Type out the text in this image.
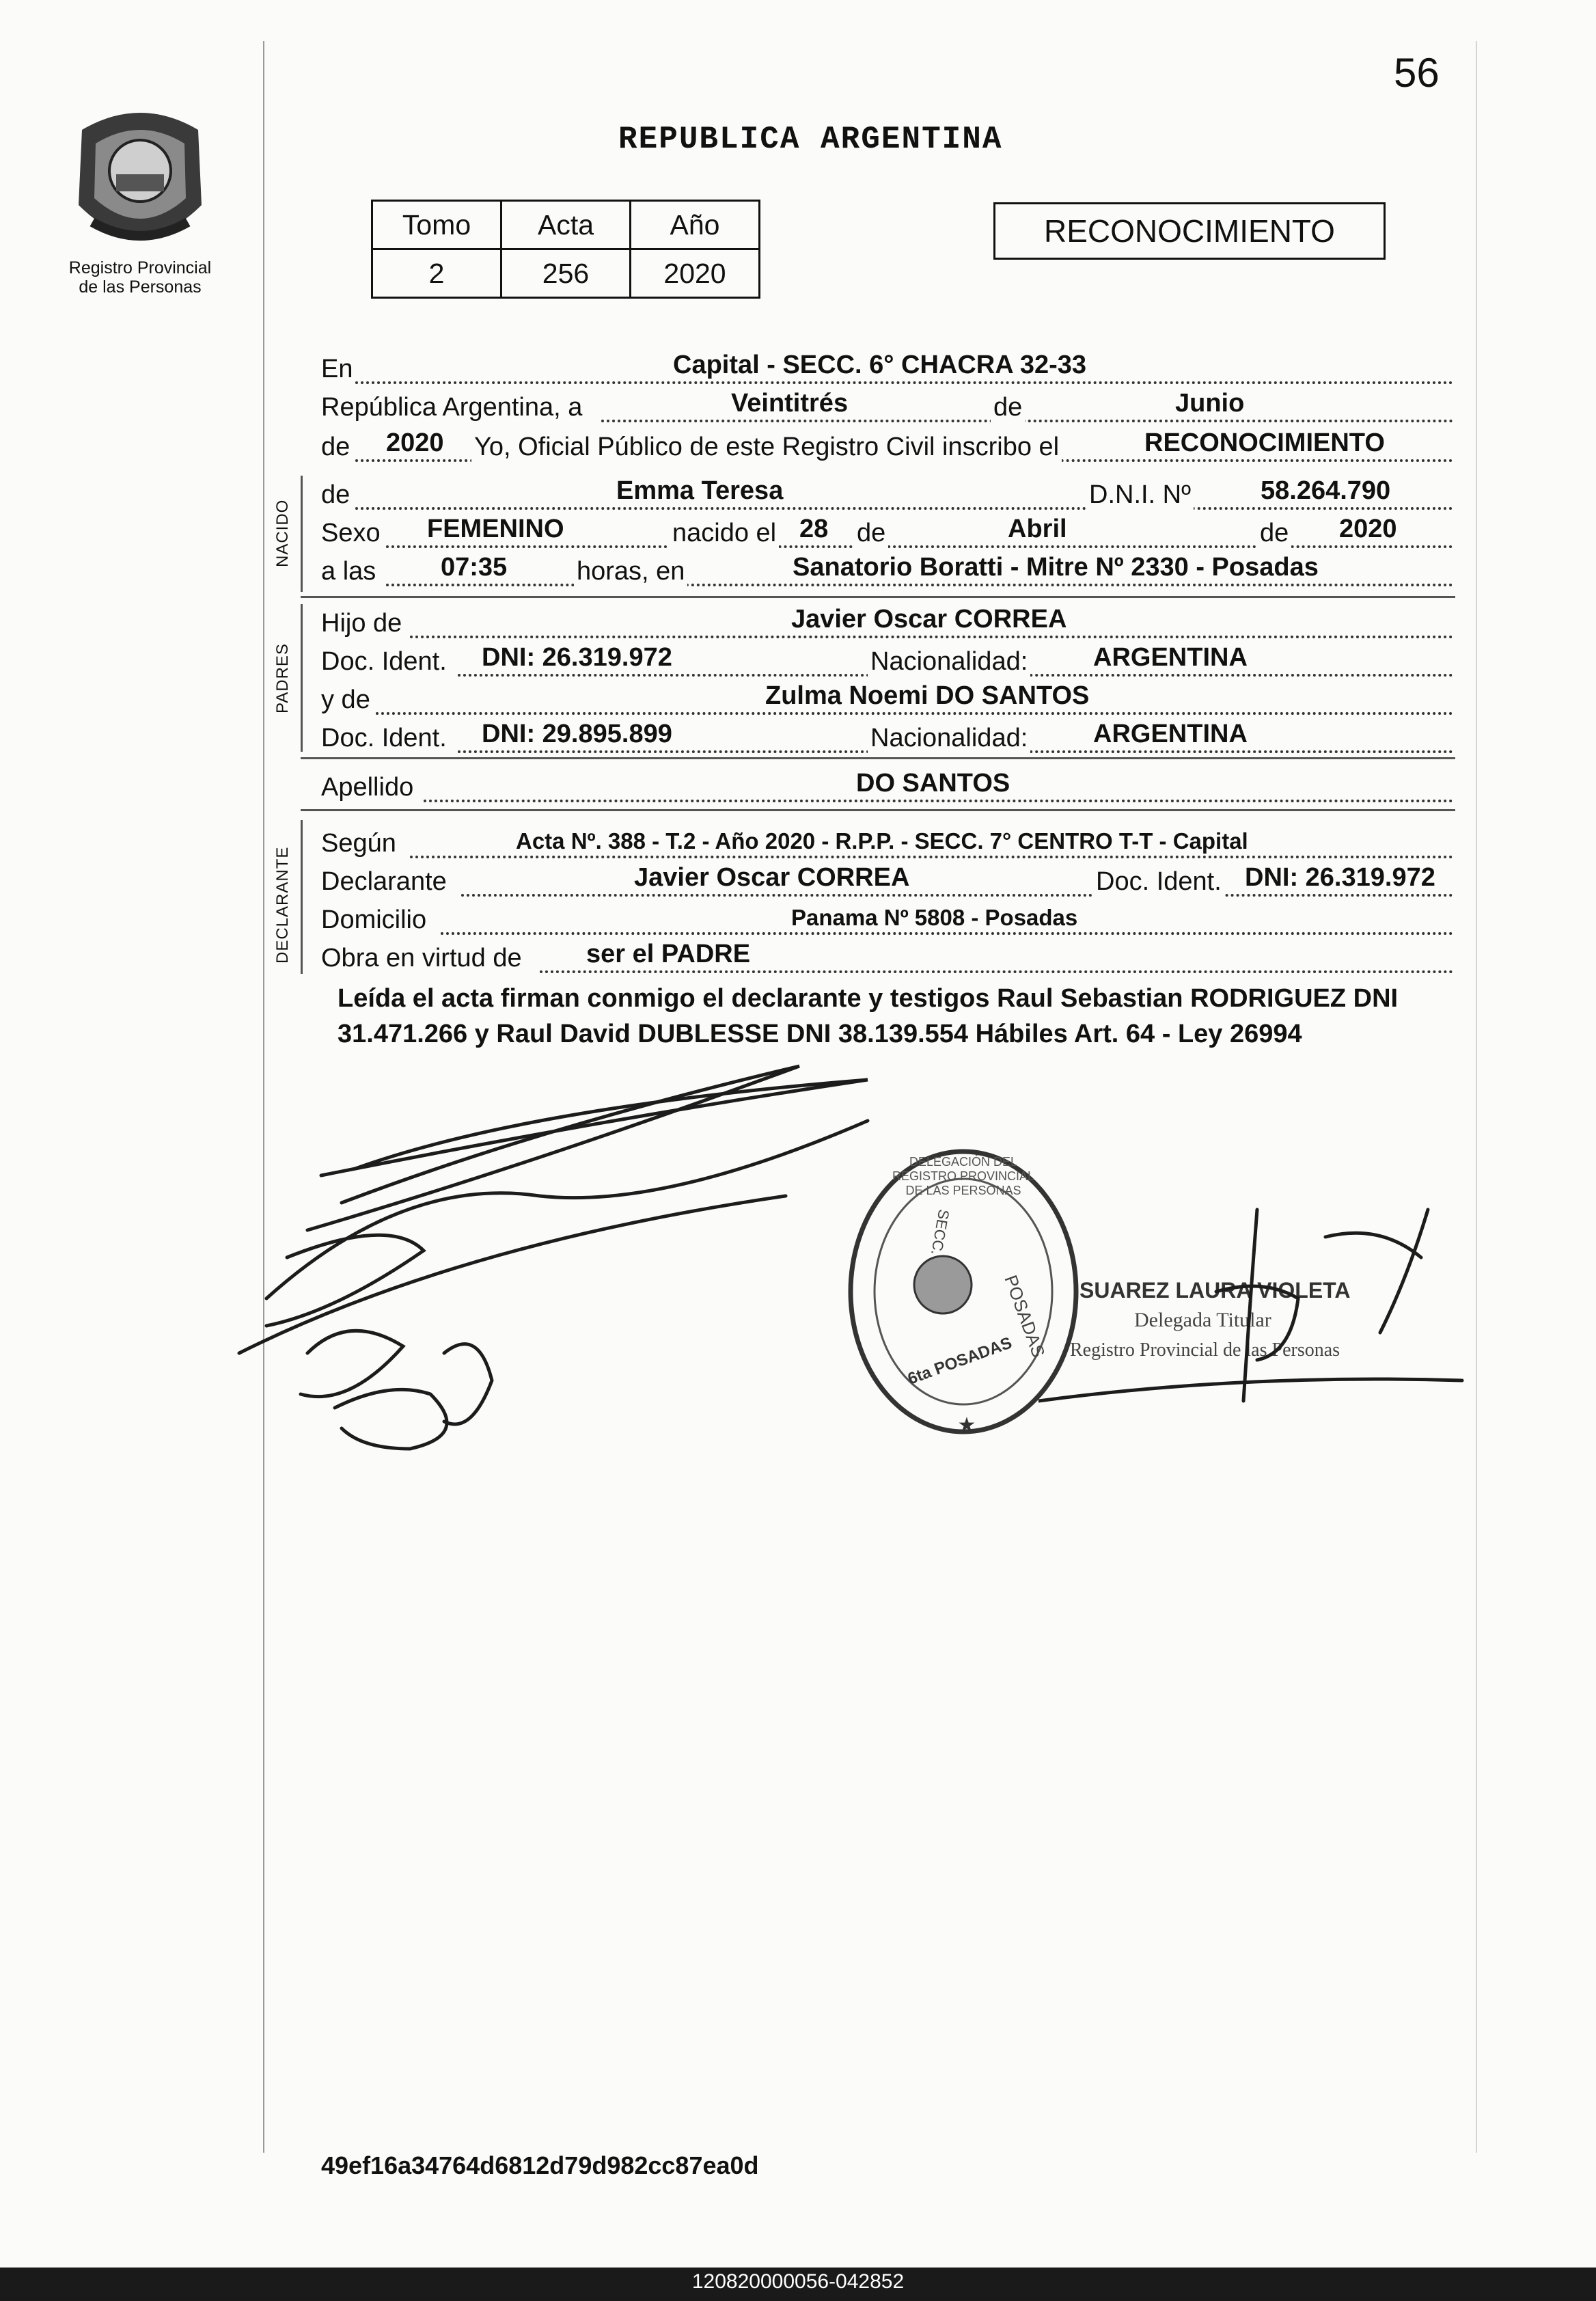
56
Registro Provincial
de las Personas
REPUBLICA ARGENTINA
Tomo	Acta	Año
2	256	2020
RECONOCIMIENTO
En	Capital - SECC. 6° CHACRA 32-33
República Argentina, a	Veintitrés	de	Junio
de 2020 Yo, Oficial Público de este Registro Civil inscribo el	RECONOCIMIENTO
NACIDO
de	Emma Teresa	D.N.I. Nº	58.264.790
Sexo FEMENINO	nacido el 28 de	Abril	de 2020
a las 07:35	horas, en	Sanatorio Boratti - Mitre Nº 2330 - Posadas
PADRES
Hijo de	Javier Oscar CORREA
Doc. Ident. DNI: 26.319.972	Nacionalidad:	ARGENTINA
y de	Zulma Noemi DO SANTOS
Doc. Ident. DNI: 29.895.899	Nacionalidad:	ARGENTINA
Apellido	DO SANTOS
DECLARANTE
Según	Acta Nº. 388 - T.2 - Año 2020 - R.P.P. - SECC. 7° CENTRO T-T - Capital
Declarante	Javier Oscar CORREA	Doc. Ident. DNI: 26.319.972
Domicilio	Panama Nº 5808 - Posadas
Obra en virtud de ser el PADRE
Leída el acta firman conmigo el declarante y testigos Raul Sebastian RODRIGUEZ DNI 31.471.266 y Raul David DUBLESSE DNI 38.139.554 Hábiles Art. 64 - Ley 26994
POSADAS
★
SECC.
6ta POSADAS
DELEGACIÓN DEL REGISTRO PROVINCIAL DE LAS PERSONAS
SUAREZ LAURA VIOLETA
Delegada Titular
Registro Provincial de las Personas
49ef16a34764d6812d79d982cc87ea0d
120820000056-042852
